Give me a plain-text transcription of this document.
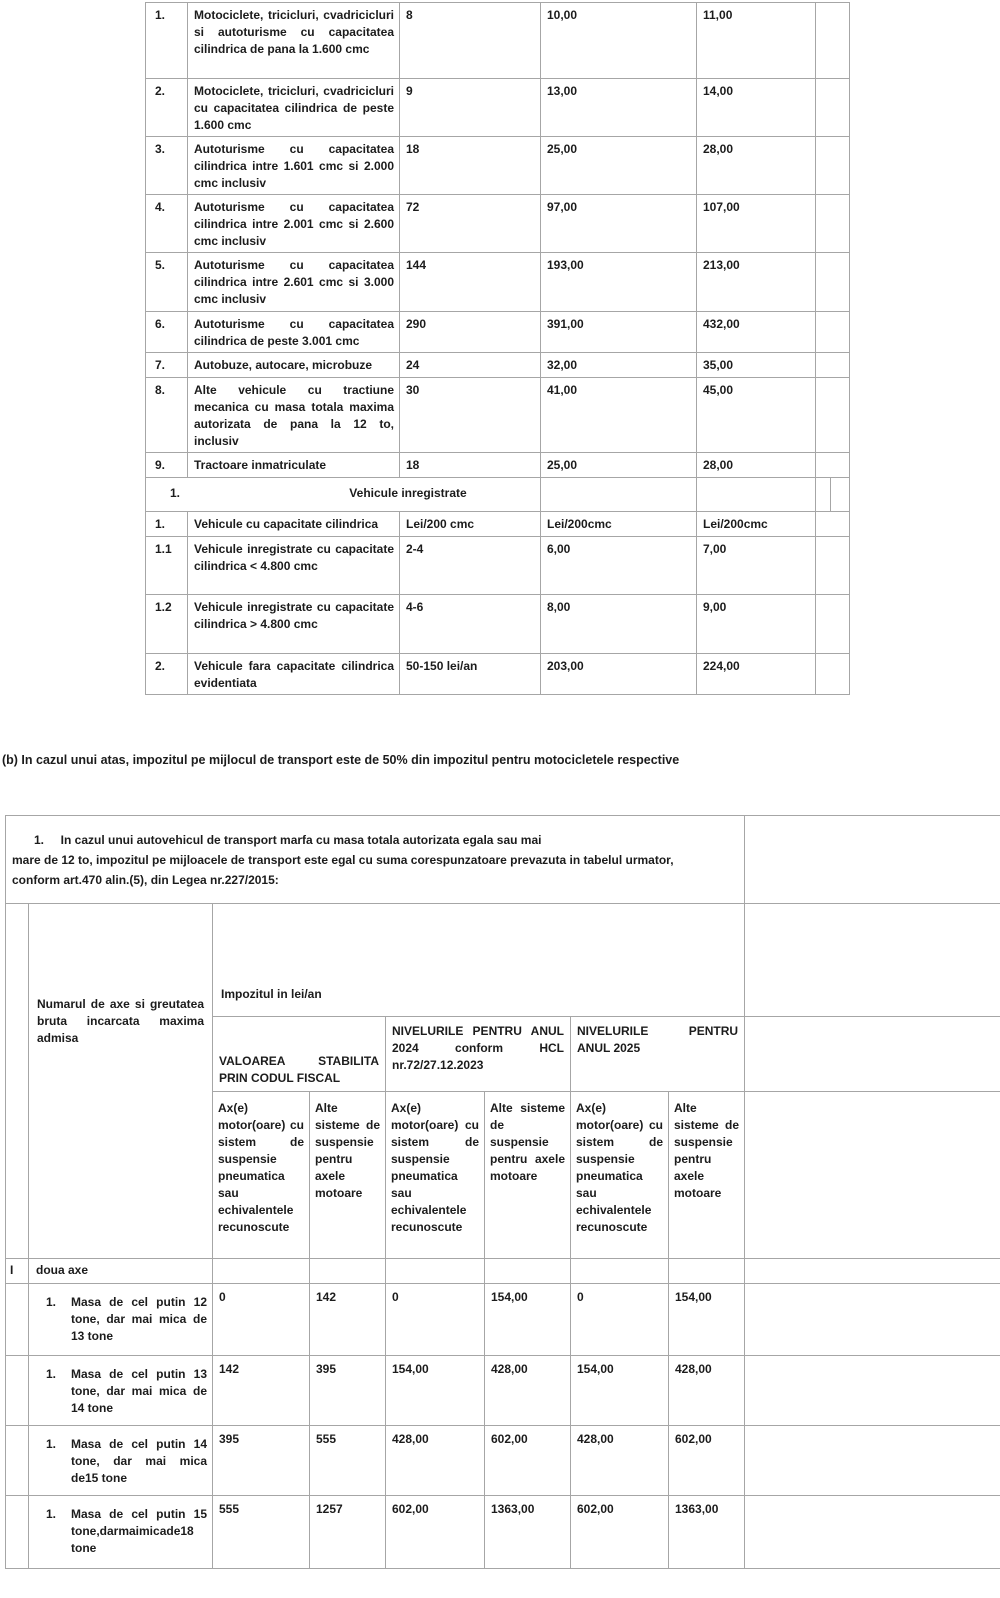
1.	Motociclete, tricicluri, cvadricicluri si autoturisme cu capacitatea cilindrica de pana la 1.600 cmc	8	10,00	11,00		
2.	Motociclete, tricicluri, cvadricicluri cu capacitatea cilindrica de peste 1.600 cmc	9	13,00	14,00		
3.	Autoturisme cu capacitatea cilindrica intre 1.601 cmc si 2.000 cmc inclusiv	18	25,00	28,00		
4.	Autoturisme cu capacitatea cilindrica intre 2.001 cmc si 2.600 cmc inclusiv	72	97,00	107,00		
5.	Autoturisme cu capacitatea cilindrica intre 2.601 cmc si 3.000 cmc inclusiv	144	193,00	213,00		
6.	Autoturisme cu capacitatea cilindrica de peste 3.001 cmc	290	391,00	432,00		
7.	Autobuze, autocare, microbuze	24	32,00	35,00		
8.	Alte vehicule cu tractiune mecanica cu masa totala maxima autorizata de pana la 12 to, inclusiv	30	41,00	45,00		
9.	Tractoare inmatriculate	18	25,00	28,00		

1. Vehicule inregistrate						
1.	Vehicule cu capacitate cilindrica	Lei/200 cmc	Lei/200cmc	Lei/200cmc		
1.1	Vehicule inregistrate cu capacitate cilindrica < 4.800 cmc	2-4	6,00	7,00		
1.2	Vehicule inregistrate cu capacitate cilindrica > 4.800 cmc	4-6	8,00	9,00		
2.	Vehicule fara capacitate cilindrica evidentiata	50-150 lei/an	203,00	224,00		
(b) In cazul unui atas, impozitul pe mijlocul de transport este de 50% din impozitul pentru motocicletele respective
1.     In cazul unui autovehicul de transport marfa cu masa totala autorizata egala sau mai
mare de 12 to, impozitul pe mijloacele de transport este egal cu suma corespunzatoare prevazuta in tabelul urmator,
conform art.470 alin.(5), din Legea nr.227/2015:								

	Numarul de axe si greutatea bruta incarcata maxima admisa	Impozitul in lei/an						

VALOAREA	STABILITA
PRIN CODUL FISCAL
	NIVELURILE PENTRU ANUL 2024 conform HCL nr.72/27.12.2023	
NIVELURILE	PENTRU
ANUL 2025

		Ax(e) motor(oare) cu sistem de suspensie pneumatica sau echivalentele recunoscute	Alte sisteme de suspensie pentru axele motoare	Ax(e) motor(oare) cu sistem de suspensie pneumatica sau echivalentele recunoscute	Alte sisteme de suspensie pentru axele motoare	Ax(e) motor(oare) cu sistem de suspensie pneumatica sau echivalentele recunoscute	Alte sisteme de suspensie pentru axele motoare	
I	doua axe							

	1. Masa de cel putin 12 tone, dar mai mica de 13 tone	0	142	0	154,00	0	154,00	

	1. Masa de cel putin 13 tone, dar mai mica de 14 tone	142	395	154,00	428,00	154,00	428,00	

	1. Masa de cel putin 14 tone, dar mai mica de15 tone	395	555	428,00	602,00	428,00	602,00	

	1. Masa de cel putin 15 tone,darmaimicade18 tone	555	1257	602,00	1363,00	602,00	1363,00	
